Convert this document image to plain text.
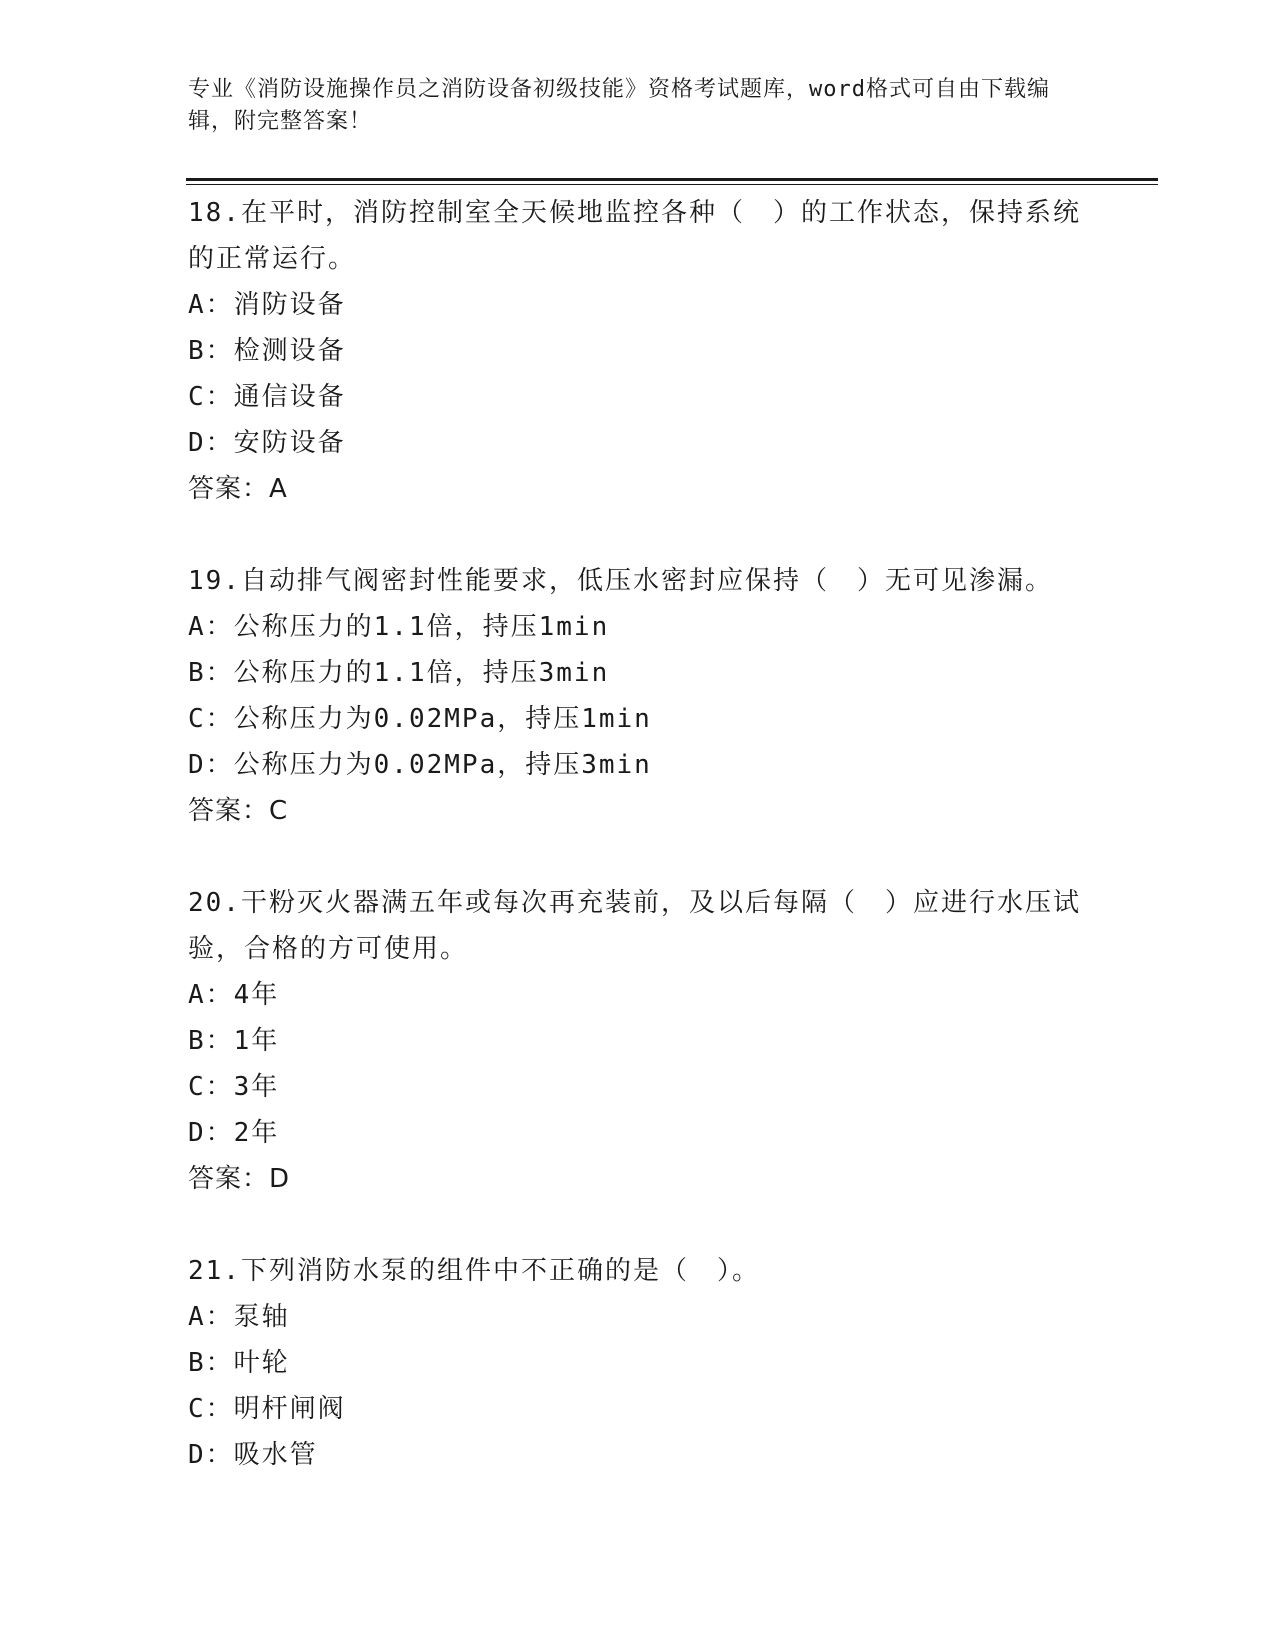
专业《消防设施操作员之消防设备初级技能》资格考试题库，word格式可自由下载编辑，附完整答案！

18.在平时，消防控制室全天候地监控各种（　）的工作状态，保持系统的正常运行。

A：消防设备

B：检测设备

C：通信设备

D：安防设备

答案：A

19.自动排气阀密封性能要求，低压水密封应保持（　）无可见渗漏。

A：公称压力的1.1倍，持压1min

B：公称压力的1.1倍，持压3min

C：公称压力为0.02MPa，持压1min

D：公称压力为0.02MPa，持压3min

答案：C

20.干粉灭火器满五年或每次再充装前，及以后每隔（　）应进行水压试验，合格的方可使用。

A：4年

B：1年

C：3年

D：2年

答案：D

21.下列消防水泵的组件中不正确的是（　）。

A：泵轴

B：叶轮

C：明杆闸阀

D：吸水管
